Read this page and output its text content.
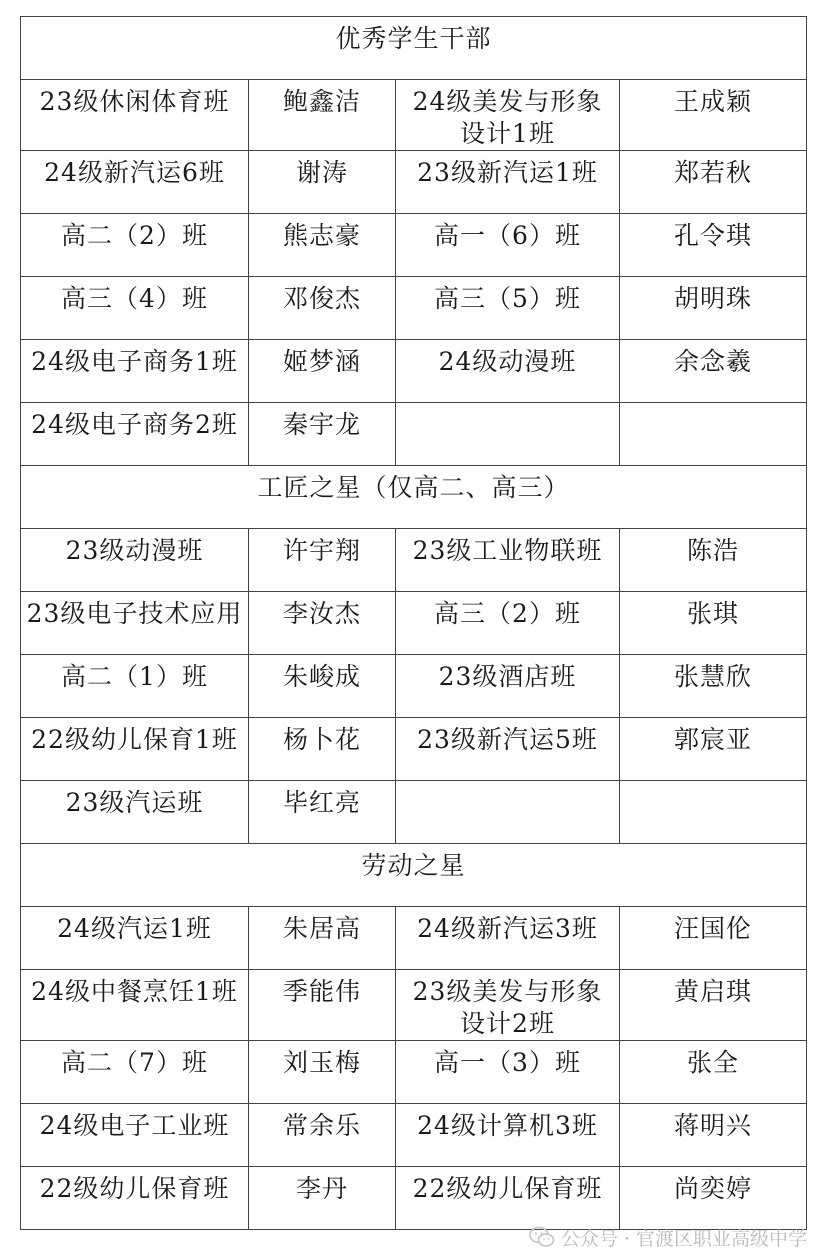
优秀学生干部			
23级休闲体育班	鲍鑫洁	24级美发与形象设计1班	王成颖
24级新汽运6班	谢涛	23级新汽运1班	郑若秋
高二（2）班	熊志豪	高一（6）班	孔令琪
高三（4）班	邓俊杰	高三（5）班	胡明珠
24级电子商务1班	姬梦涵	24级动漫班	余念羲
24级电子商务2班	秦宇龙		
工匠之星（仅高二、高三）			
23级动漫班	许宇翔	23级工业物联班	陈浩
23级电子技术应用	李汝杰	高三（2）班	张琪
高二（1）班	朱峻成	23级酒店班	张慧欣
22级幼儿保育1班	杨卜花	23级新汽运5班	郭宸亚
23级汽运班	毕红亮		
劳动之星			
24级汽运1班	朱居高	24级新汽运3班	汪国伦
24级中餐烹饪1班	季能伟	23级美发与形象设计2班	黄启琪
高二（7）班	刘玉梅	高一（3）班	张全
24级电子工业班	常余乐	24级计算机3班	蒋明兴
22级幼儿保育班	李丹	22级幼儿保育班	尚奕婷
公众号 · 官渡区职业高级中学
